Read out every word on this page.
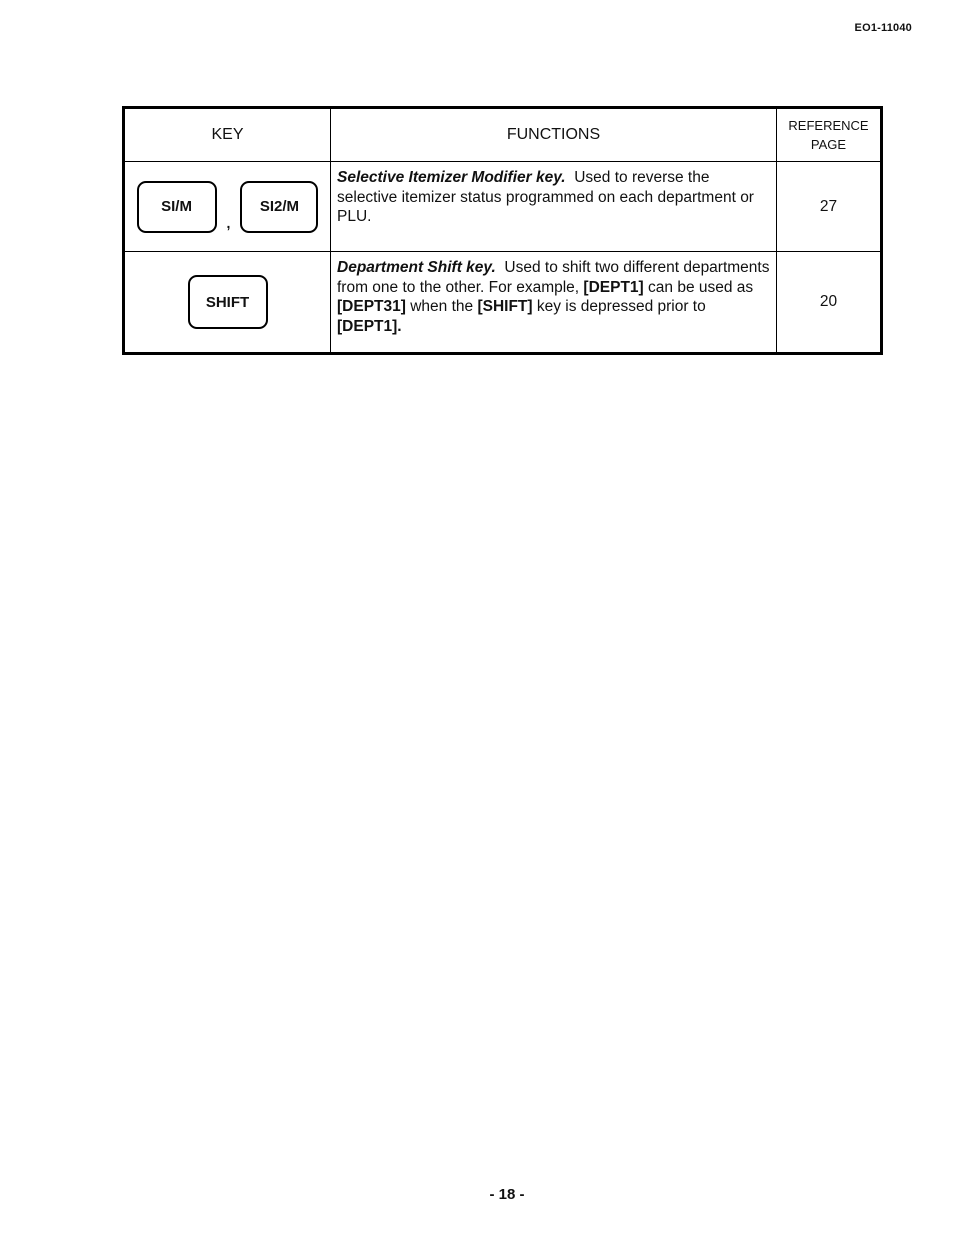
EO1-11040
KEY	FUNCTIONS	REFERENCE
PAGE

SI/M
,
SI2/M	Selective Itemizer Modifier key. Used to reverse the selective itemizer status programmed on each department or PLU.	27
SHIFT	Department Shift key. Used to shift two different departments from one to the other. For example, [DEPT1] can be used as [DEPT31] when the [SHIFT] key is depressed prior to [DEPT1].	20
- 18 -
